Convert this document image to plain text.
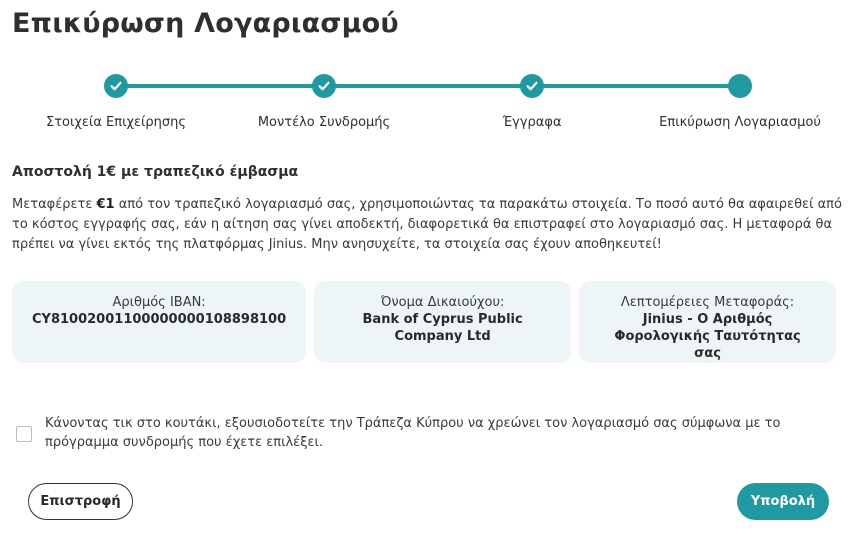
Επικύρωση Λογαριασμού
Στοιχεία Επιχείρησης	Μοντέλο Συνδρομής	Έγγραφα	Επικύρωση Λογαριασμού
Αποστολή 1€ με τραπεζικό έμβασμα

Μεταφέρετε €1 από τον τραπεζικό λογαριασμό σας, χρησιμοποιώντας τα παρακάτω στοιχεία. Το ποσό αυτό θα αφαιρεθεί από το κόστος εγγραφής σας, εάν η αίτηση σας γίνει αποδεκτή, διαφορετικά θα επιστραφεί στο λογαριασμό σας. Η μεταφορά θα πρέπει να γίνει εκτός της πλατφόρμας Jinius. Μην ανησυχείτε, τα στοιχεία σας έχουν αποθηκευτεί!

Αριθμός IBAN:
CY81002001100000000108898100
Όνομα Δικαιούχου:
Bank of Cyprus Public Company Ltd
Λεπτομέρειες Μεταφοράς:
Jinius - Ο Αριθμός Φορολογικής Ταυτότητας σας
Κάνοντας τικ στο κουτάκι, εξουσιοδοτείτε την Τράπεζα Κύπρου να χρεώνει τον λογαριασμό σας σύμφωνα με το πρόγραμμα συνδρομής που έχετε επιλέξει.
Επιστροφή	Υποβολή
